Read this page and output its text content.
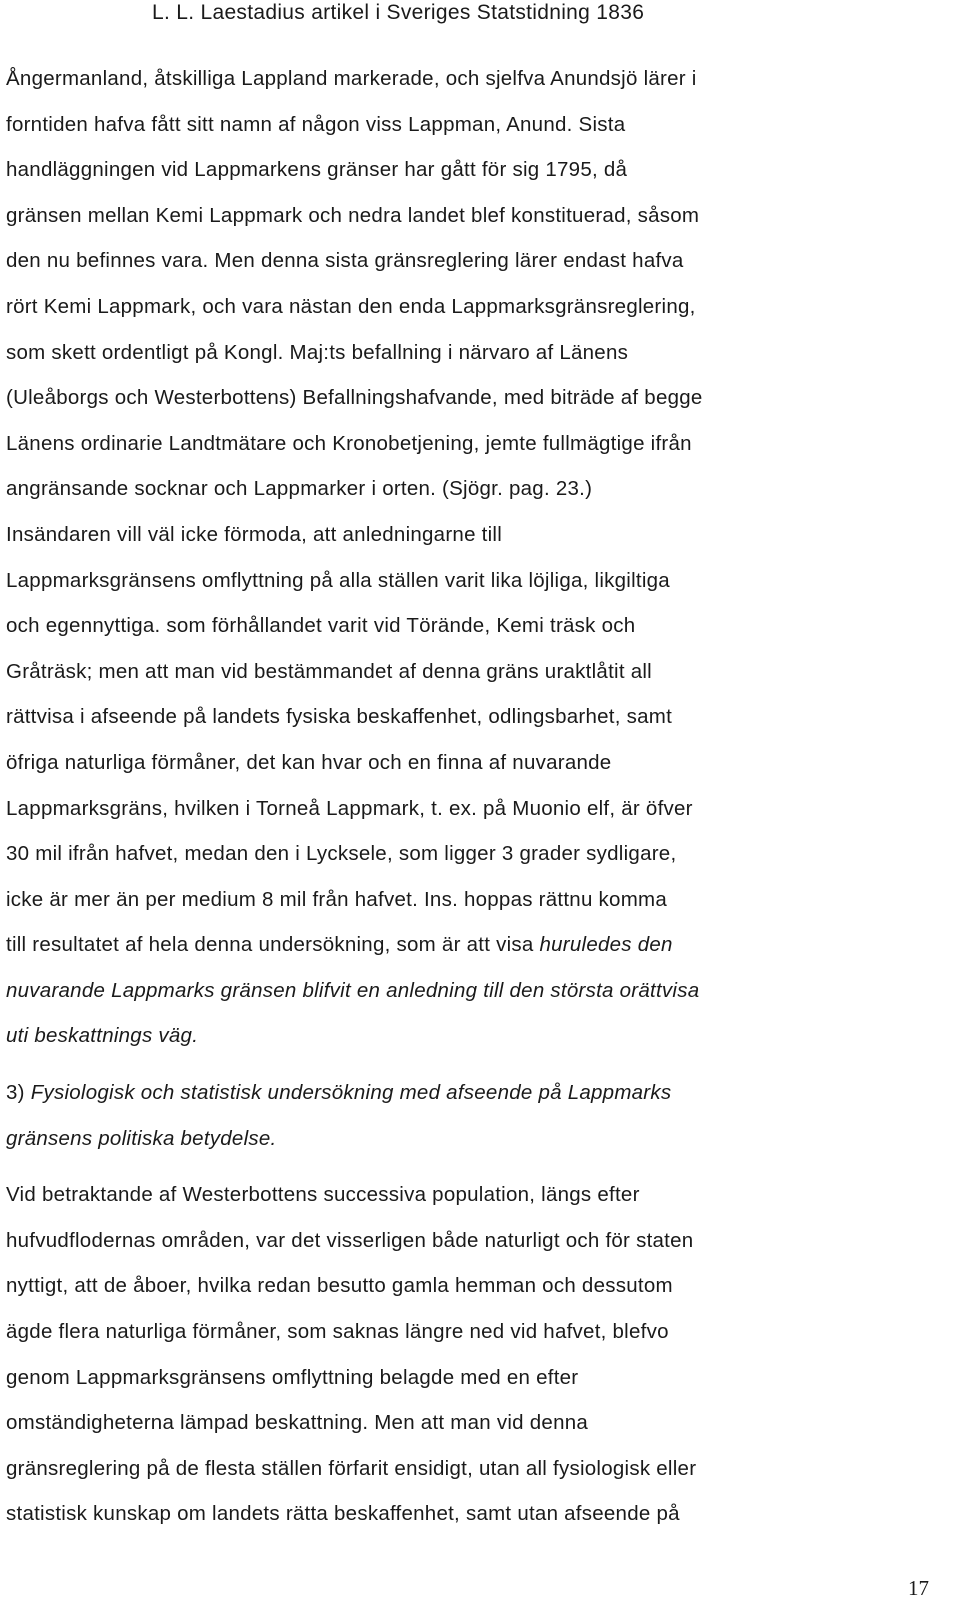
L. L. Laestadius artikel i Sveriges Statstidning 1836

Ångermanland, åtskilliga Lappland markerade, och sjelfva Anundsjö lärer i
forntiden hafva fått sitt namn af någon viss Lappman, Anund. Sista
handläggningen vid Lappmarkens gränser har gått för sig 1795, då
gränsen mellan Kemi Lappmark och nedra landet blef konstituerad, såsom
den nu befinnes vara. Men denna sista gränsreglering lärer endast hafva
rört Kemi Lappmark, och vara nästan den enda Lappmarksgränsreglering,
som skett ordentligt på Kongl. Maj:ts befallning i närvaro af Länens
(Uleåborgs och Westerbottens) Befallningshafvande, med biträde af begge
Länens ordinarie Landtmätare och Kronobetjening, jemte fullmägtige ifrån
angränsande socknar och Lappmarker i orten. (Sjögr. pag. 23.)
Insändaren vill väl icke förmoda, att anledningarne till
Lappmarksgränsens omflyttning på alla ställen varit lika löjliga, likgiltiga
och egennyttiga. som förhållandet varit vid Törände, Kemi träsk och
Gråträsk; men att man vid bestämmandet af denna gräns uraktlåtit all
rättvisa i afseende på landets fysiska beskaffenhet, odlingsbarhet, samt
öfriga naturliga förmåner, det kan hvar och en finna af nuvarande
Lappmarksgräns, hvilken i Torneå Lappmark, t. ex. på Muonio elf, är öfver
30 mil ifrån hafvet, medan den i Lycksele, som ligger 3 grader sydligare,
icke är mer än per medium 8 mil från hafvet. Ins. hoppas rättnu komma
till resultatet af hela denna undersökning, som är att visa huruledes den
nuvarande Lappmarks gränsen blifvit en anledning till den största orättvisa
uti beskattnings väg.

3) Fysiologisk och statistisk undersökning med afseende på Lappmarks
gränsens politiska betydelse.

Vid betraktande af Westerbottens successiva population, längs efter
hufvudflodernas områden, var det visserligen både naturligt och för staten
nyttigt, att de åboer, hvilka redan besutto gamla hemman och dessutom
ägde flera naturliga förmåner, som saknas längre ned vid hafvet, blefvo
genom Lappmarksgränsens omflyttning belagde med en efter
omständigheterna lämpad beskattning. Men att man vid denna
gränsreglering på de flesta ställen förfarit ensidigt, utan all fysiologisk eller
statistisk kunskap om landets rätta beskaffenhet, samt utan afseende på

17
